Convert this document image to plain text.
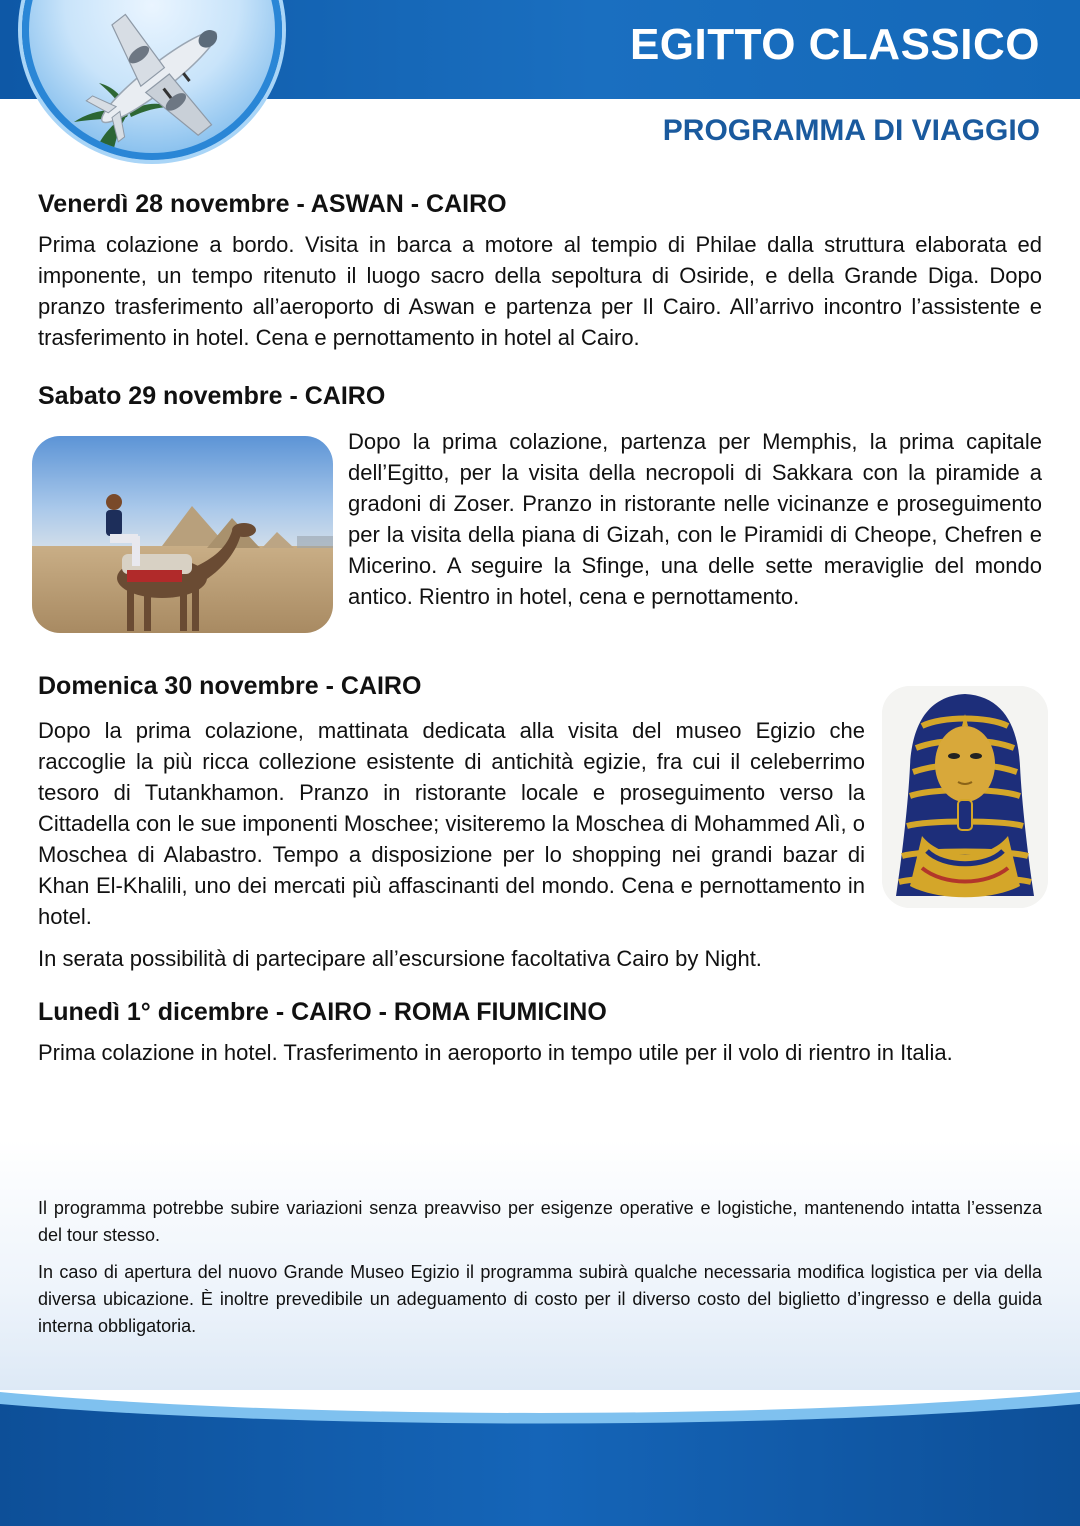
EGITTO CLASSICO
PROGRAMMA DI VIAGGIO
Venerdì 28 novembre - ASWAN - CAIRO

Prima colazione a bordo. Visita in barca a motore al tempio di Philae dalla struttura elaborata ed imponente, un tempo ritenuto il luogo sacro della sepoltura di Osiride, e della Grande Diga. Dopo pranzo trasferimento all’aeroporto di Aswan e partenza per Il Cairo. All’arrivo incontro l’assistente e trasferimento in hotel. Cena e pernottamento in hotel al Cairo.

Sabato 29 novembre - CAIRO

Dopo la prima colazione, partenza per Memphis, la prima capitale dell’Egitto, per la visita della necropoli di Sakkara con la piramide a gradoni di Zoser. Pranzo in ristorante nelle vicinanze e proseguimento per la visita della piana di Gizah, con le Piramidi di Cheope, Chefren e Micerino. A seguire la Sfinge, una delle sette meraviglie del mondo antico. Rientro in hotel, cena e pernottamento.

Domenica 30 novembre - CAIRO

Dopo la prima colazione, mattinata dedicata alla visita del museo Egizio che raccoglie la più ricca collezione esistente di antichità egizie, fra cui il celeberrimo tesoro di Tutankhamon. Pranzo in ristorante locale e proseguimento verso la Cittadella con le sue imponenti Moschee; visiteremo la Moschea di Mohammed Alì, o Moschea di Alabastro. Tempo a disposizione per lo shopping nei grandi bazar di Khan El-Khalili, uno dei mercati più affascinanti del mondo. Cena e pernottamento in hotel.

In serata possibilità di partecipare all’escursione facoltativa Cairo by Night.

Lunedì 1° dicembre - CAIRO - ROMA FIUMICINO

Prima colazione in hotel. Trasferimento in aeroporto in tempo utile per il volo di rientro in Italia.

Il programma potrebbe subire variazioni senza preavviso per esigenze operative e logistiche, mantenendo intatta l’essenza del tour stesso.

In caso di apertura del nuovo Grande Museo Egizio il programma subirà qualche necessaria modifica logistica per via della diversa ubicazione. È inoltre prevedibile un adeguamento di costo per il diverso costo del biglietto d’ingresso e della guida interna obbligatoria.
